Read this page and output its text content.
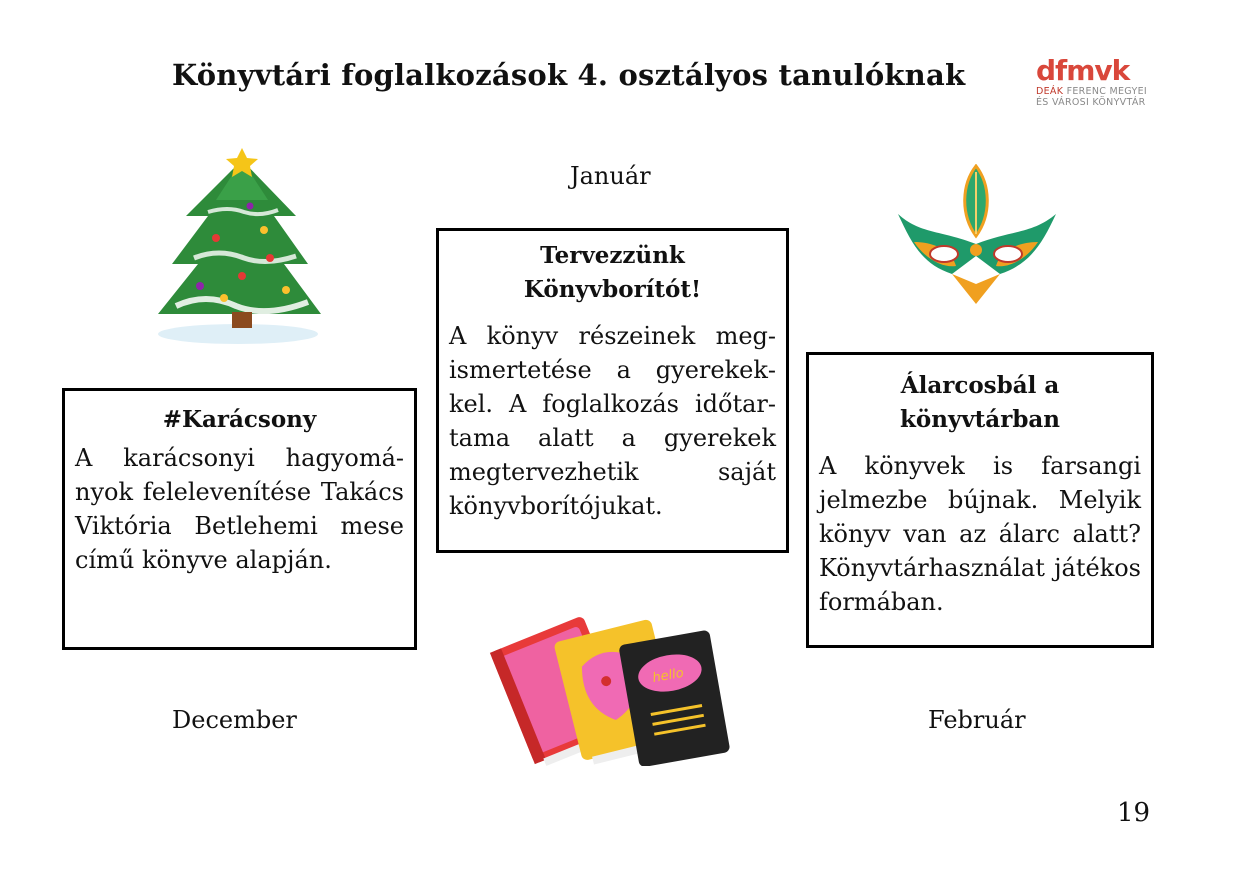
Könyvtári foglalkozások 4. osztályos tanulóknak	dfmvk
DEÁK FERENC MEGYEI
ÉS VÁROSI KÖNYVTÁR
hello
Január
December	Február
#Karácsony

A karácsonyi hagyományok felelevenítése Takács Viktória Betlehemi mese című könyve alapján.

Tervezzünk
Könyvborítót!

A könyv részeinek megismertetése a gyerekekkel. A foglalkozás időtartama alatt a gyerekek megtervezhetik saját könyvborítójukat.

Álarcosbál a
könyvtárban

A könyvek is farsangi jelmezbe bújnak. Melyik könyv van az álarc alatt? Könyvtárhasználat játékos formában.

19
